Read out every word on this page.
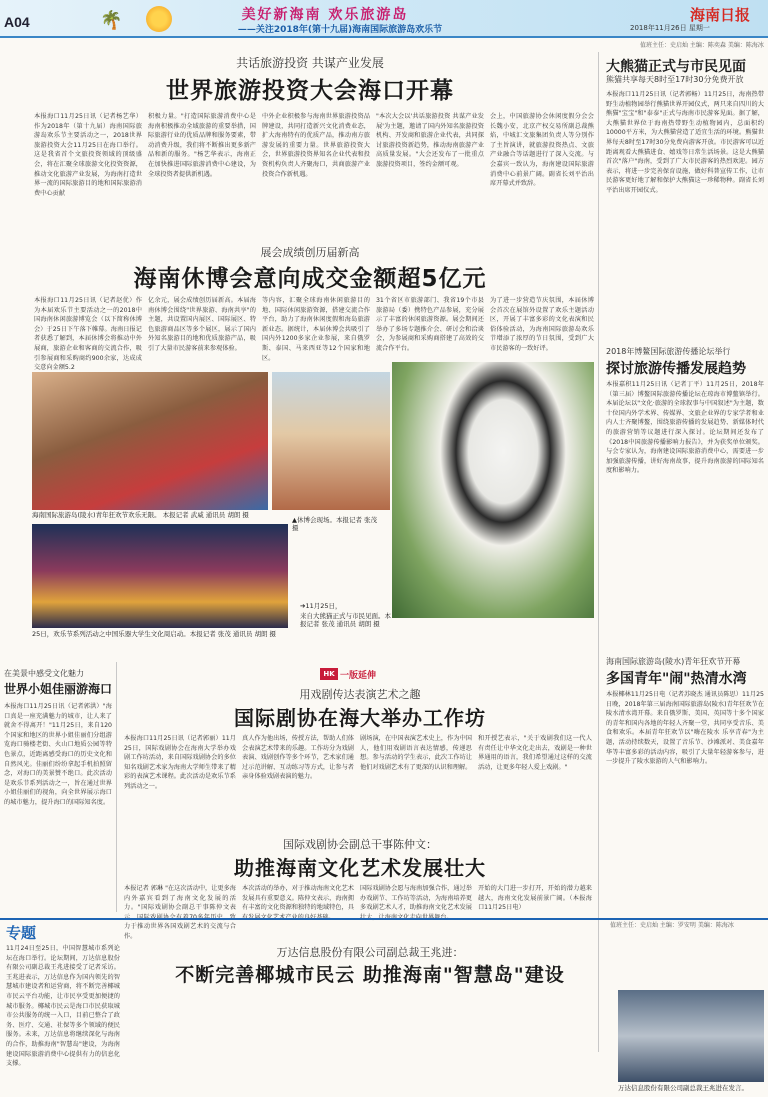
A04	🌴	美好新海南 欢乐旅游岛
——关注2018年(第十九届)海南国际旅游岛欢乐节
海南日报
2018年11月26日 星期一
值班主任：史启灿 主编：陈奕森 美编：陈海冰
共话旅游投资 共谋产业发展
世界旅游投资大会海口开幕
本报海口11月25日讯（记者杨艺华）作为2018年（第十九届）海南国际旅游岛欢乐节主要活动之一，2018世界旅游投资大会11月25日在海口举行。这是我省首个文旅投资领域的顶级盛会，将在汇聚全球旅游文化投资资源，推动文化旅游产业发展，为海南打造世界一流的国际旅游目的地和国际旅游消费中心贡献
积极力量。"打造国际旅游消费中心是海南积极推动全域旅游的重要举措，国际旅游行业的优质品牌和服务要素，带动消费升级，我们将不断推出更多新产品和新的服务。"杨艺华表示，海南正在加快推进国际旅游消费中心建设，为全球投资者提供新机遇。
中外企业积极参与海南世界旅游投资品牌建设，共同打造新兴文化消费业态，扩大海南特有的优质产品，推动南方旅游发展的重要力量。世界旅游投资大会，世界旅游投资界知名企业代表和投资机构负责人齐聚海口，共商旅游产业投资合作新机遇。
"本次大会以'共话旅游投资 共谋产业发展'为主题，邀请了国内外知名旅游投资机构、开发商和旅游企业代表，共同探讨旅游投资新趋势，推动海南旅游产业高质量发展。"大会还发布了一批重点旅游投资项目，签约金额可观。
会上，中国旅游协会休闲度假分会会长魏小安，北京产权交易所副总裁熊焰，中城汇文旅集团负责人等分别作了主旨演讲，就旅游投资热点、文旅产业融合等话题进行了深入交流。与会嘉宾一致认为，海南建设国际旅游消费中心前景广阔。副省长刘平治出席开幕式并致辞。
展会成绩创历届新高
海南休博会意向成交金额超5亿元
本报海口11月25日讯（记者赵优）作为本届欢乐节主要活动之一的2018中国海南休闲旅游博览会（以下简称休博会）于25日下午落下帷幕。海南日报记者获悉了解到，本届休博会将推动中外展商，旅游企业和客商的交流合作，吸引参展商和采购商约900余家，达成成交意向金额5.2
亿余元，展会成绩创历届新高。本届海南休博会围绕"世界旅游、海南共享"的主题，共设置国内展区、国际展区、特色旅游商品区等多个展区，展示了国内外知名旅游目的地和优质旅游产品，吸引了大量市民游客前来参观体验。
等内容，汇聚全球海南休闲旅游目的地、国际休闲旅游资源，搭建交流合作平台，助力了海南休闲度假和海岛旅游新业态。据统计，本届休博会共吸引了国内外1200多家企业参展，来自俄罗斯、泰国、马来西亚等12个国家和地区。
31个省区市旅游部门、我省19个市县旅游局（委）携特色产品参展，充分展示了丰富的休闲旅游资源。展会期间还举办了多场专题推介会、研讨会和洽谈会，为参展商和采购商搭建了高效的交流合作平台。
为了进一步营造节庆氛围，本届休博会首次在展馆外设置了欢乐主题活动区，开展了丰富多彩的文化表演和民俗体验活动，为海南国际旅游岛欢乐节增添了浓厚的节日氛围，受到广大市民游客的一致好评。
海南国际旅游岛(陵水)青年狂欢节欢乐无限。 本报记者 武威 通讯员 胡朗 摄
▲休博会现场。本报记者 张茂 摄
25日，欢乐节系列活动之中国乐器大学生文化周启动。本报记者 张茂 通讯员 胡朗 摄
➔11月25日，
来自大熊猫正式与市民见面。本报记者 张茂 通讯员 胡朗 摄
大熊猫正式与市民见面
熊猫共享每天8时至17时30分免费开放
本报海口11月25日讯（记者郭畅）11月25日，海南热带野生动植物园举行熊猫世界开园仪式，两只来自四川的大熊猫"宝宝"和"泰泰"正式与海南市民游客见面。据了解，大熊猫世界位于海南热带野生动植物园内，总面积约10000平方米，为大熊猫营造了适宜生活的环境。熊猫世界每天8时至17时30分免费向游客开放。市民游客可以近距离观看大熊猫进食、嬉戏等日常生活场景。这是大熊猫首次"落户"海南，受到了广大市民游客的热烈欢迎。园方表示，将进一步完善保育设施，做好科普宣传工作，让市民游客更好地了解和保护大熊猫这一珍稀物种。副省长刘平治出席开园仪式。
2018年博鳌国际旅游传播论坛举行
探讨旅游传播发展趋势
本报嘉积11月25日讯（记者丁平）11月25日，2018年（第三届）博鳌国际旅游传播论坛在琼海市博鳌镇举行。本届论坛以"文化·旅游的全球叙事与中国叙述"为主题，数十位国内外学术界、传媒界、文旅企业界的专家学者和业内人士齐聚博鳌，围绕旅游传播的发展趋势、新媒体时代的旅游营销等议题进行深入探讨。论坛期间还发布了《2018中国旅游传播影响力报告》，并为获奖单位颁奖。与会专家认为，海南建设国际旅游消费中心，需要进一步加强旅游传播，讲好海南故事，提升海南旅游的国际知名度和影响力。
海南国际旅游岛(陵水)青年狂欢节开幕
多国青年"闹"热清水湾
本报椰林11月25日电（记者苏晓杰 通讯员陈思）11月25日晚，2018年第三届海南国际旅游岛(陵水)青年狂欢节在陵水清水湾开幕。来自俄罗斯、美国、英国等十多个国家的青年和国内各地的年轻人齐聚一堂，共同享受音乐、美食和欢乐。本届青年狂欢节以"嗨在陵水 乐享青春"为主题，活动持续数天，设置了音乐节、沙滩派对、美食嘉年华等丰富多彩的活动内容，吸引了大量年轻游客参与，进一步提升了陵水旅游的人气和影响力。
在美景中感受文化魅力
世界小姐佳丽游海口
本报海口11月25日讯（记者郭洪）"海口真是一座充满魅力的城市，让人来了就舍不得离开！"11月25日，来自120个国家和地区的世界小姐佳丽们分组游览海口骑楼老街、火山口地质公园等特色景点，近距离感受海口的历史文化和自然风光。佳丽们纷纷拿起手机拍照留念，对海口的美景赞不绝口。此次活动是欢乐节系列活动之一，旨在通过世界小姐佳丽们的视角，向全世界展示海口的城市魅力，提升海口的国际知名度。
HK 一版延伸
用戏剧传达表演艺术之趣
国际剧协在海大举办工作坊
本报海口11月25日讯（记者郭丽）11月25日，国际戏剧协会在海南大学举办戏剧工作坊活动，来自国际戏剧协会的多位知名戏剧艺术家为海南大学师生带来了精彩的表演艺术课程。此次活动是欢乐节系列活动之一。
真人作为他出场，传授方法，帮助人们体会表演艺术带来的乐趣。工作坊分为戏剧表演、戏剧创作等多个环节，艺术家们通过示范讲解、互动练习等方式，让参与者亲身体验戏剧表演的魅力。
剧场演，在中国表演艺术史上，作为中国人，他们用戏剧语言表达情感，传递思想。参与活动的学生表示，此次工作坊让他们对戏剧艺术有了更深的认识和理解。
和开授艺表示，"关于戏剧我们这一代人有责任让中华文化走出去，戏剧是一种世界通用的语言，我们希望通过这样的交流活动，让更多年轻人爱上戏剧。"
国际戏剧协会副总干事陈仲文：
助推海南文化艺术发展壮大
本报记者 郭琳 "在这次活动中，让更多海内外嘉宾看到了海南文化发展的活力。"国际戏剧协会副总干事陈仲文表 力于推动世界各国戏剧艺术的交流与合作。
本次活动的举办，对于推动海南文化艺术发展具有重要意义。陈仲文表示，海南拥有丰富的文化资源和独特的地域特色，具
国际戏剧协会愿与海南加强合作，通过举办戏剧节、工作坊等活动，为海南培养更多戏剧艺术人才，助推海南文化艺术发展
开始的大门进一步打开，开始的潜力越来越大，海南文化发展前景广阔。（本报海口11月25日电）
专题	值班主任：史启灿 主编：罗安明 美编：陈海冰
万达信息股份有限公司副总裁王兆进：
不断完善椰城市民云 助推海南"智慧岛"建设
11月24日至25日，中国智慧城市系列论坛在海口举行。论坛期间，万达信息股份有限公司副总裁王兆进接受了记者采访。王兆进表示，万达信息作为国内领先的智慧城市建设者和运营商，将不断完善椰城市民云平台功能，让市民享受更加便捷的城市服务。椰城市民云是海口市民获取城市公共服务的统一入口，目前已整合了政务、医疗、交通、社保等多个领域的便民服务。未来，万达信息将继续深化与海南的合作，助推海南"智慧岛"建设，为海南建设国际旅游消费中心提供有力的信息化支撑。
万达信息股份有限公司副总裁王兆进在发言。
